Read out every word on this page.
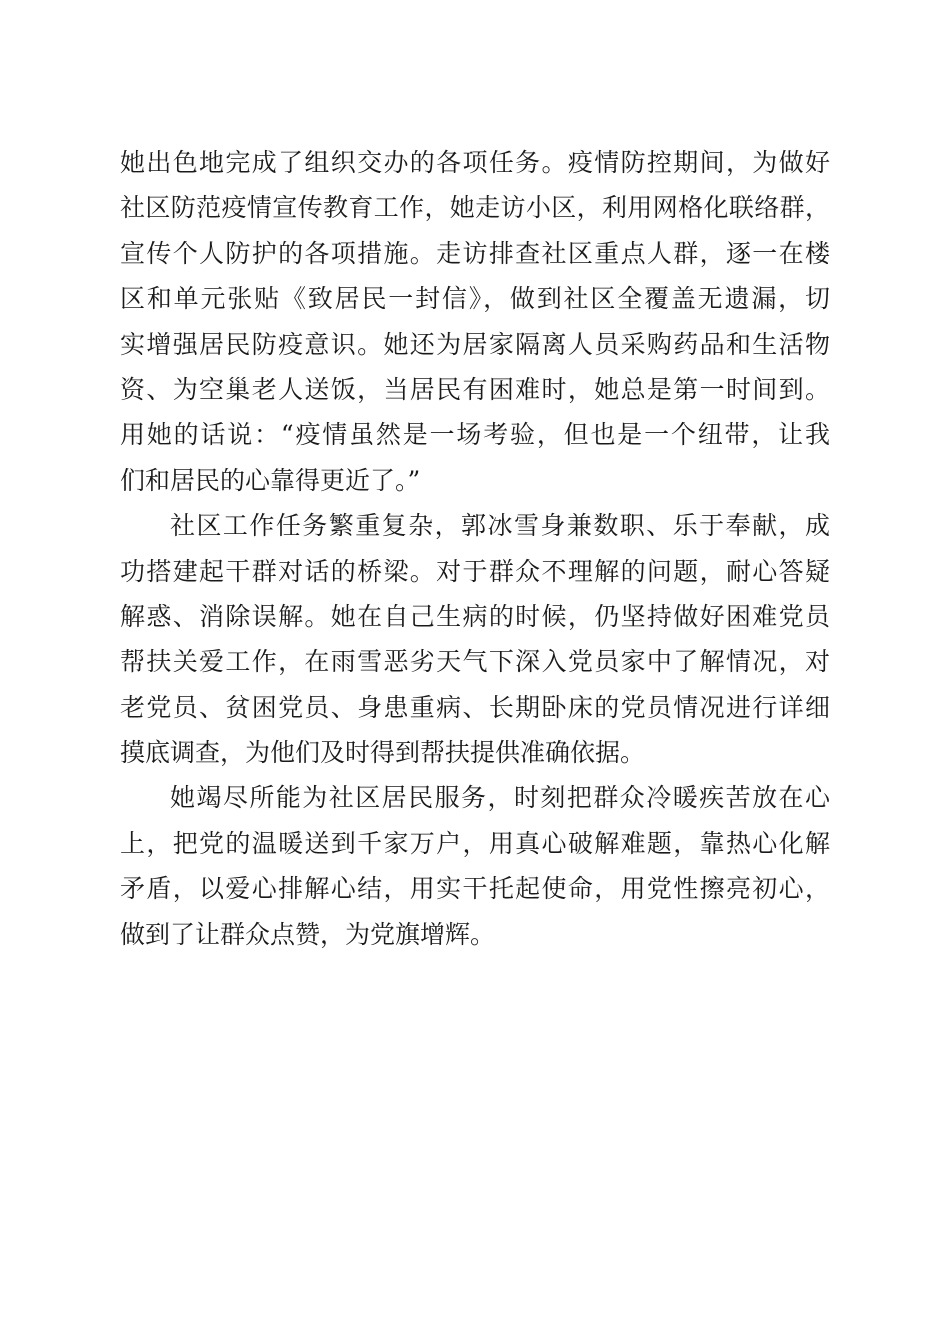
她出色地完成了组织交办的各项任务。疫情防控期间，为做好
社区防范疫情宣传教育工作，她走访小区，利用网格化联络群，
宣传个人防护的各项措施。走访排查社区重点人群，逐一在楼
区和单元张贴《致居民一封信》，做到社区全覆盖无遗漏，切
实增强居民防疫意识。她还为居家隔离人员采购药品和生活物
资、为空巢老人送饭，当居民有困难时，她总是第一时间到。
用她的话说：“疫情虽然是一场考验，但也是一个纽带，让我
们和居民的心靠得更近了。”
社区工作任务繁重复杂，郭冰雪身兼数职、乐于奉献，成
功搭建起干群对话的桥梁。对于群众不理解的问题，耐心答疑
解惑、消除误解。她在自己生病的时候，仍坚持做好困难党员
帮扶关爱工作，在雨雪恶劣天气下深入党员家中了解情况，对
老党员、贫困党员、身患重病、长期卧床的党员情况进行详细
摸底调查，为他们及时得到帮扶提供准确依据。
她竭尽所能为社区居民服务，时刻把群众冷暖疾苦放在心
上，把党的温暖送到千家万户，用真心破解难题，靠热心化解
矛盾，以爱心排解心结，用实干托起使命，用党性擦亮初心，
做到了让群众点赞，为党旗增辉。
